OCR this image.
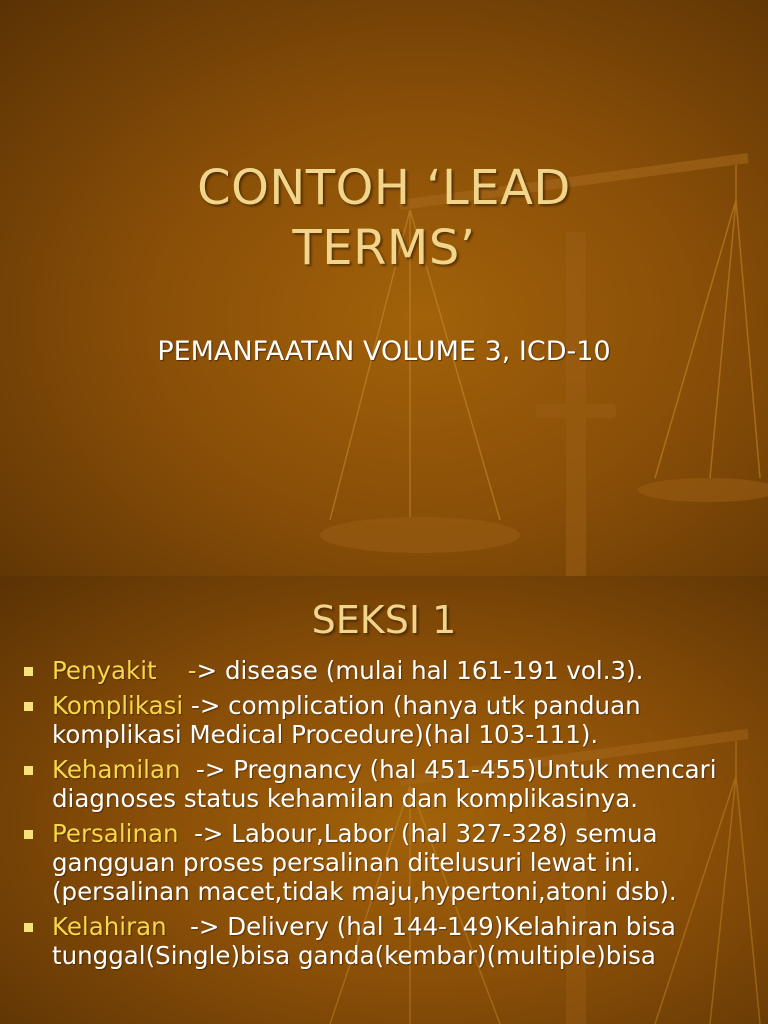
CONTOH ‘LEAD
TERMS’
PEMANFAATAN VOLUME 3, ICD-10
SEKSI 1
Penyakit    -> disease (mulai hal 161-191 vol.3).
Komplikasi -> complication (hanya utk panduan komplikasi Medical Procedure)(hal 103-111).
Kehamilan  -> Pregnancy (hal 451-455)Untuk mencari diagnoses status kehamilan dan komplikasinya.
Persalinan  -> Labour,Labor (hal 327-328) semua gangguan proses persalinan ditelusuri lewat ini.(persalinan macet,tidak maju,hypertoni,atoni dsb).
Kelahiran   -> Delivery (hal 144-149)Kelahiran bisa tunggal(Single)bisa ganda(kembar)(multiple)bisa
